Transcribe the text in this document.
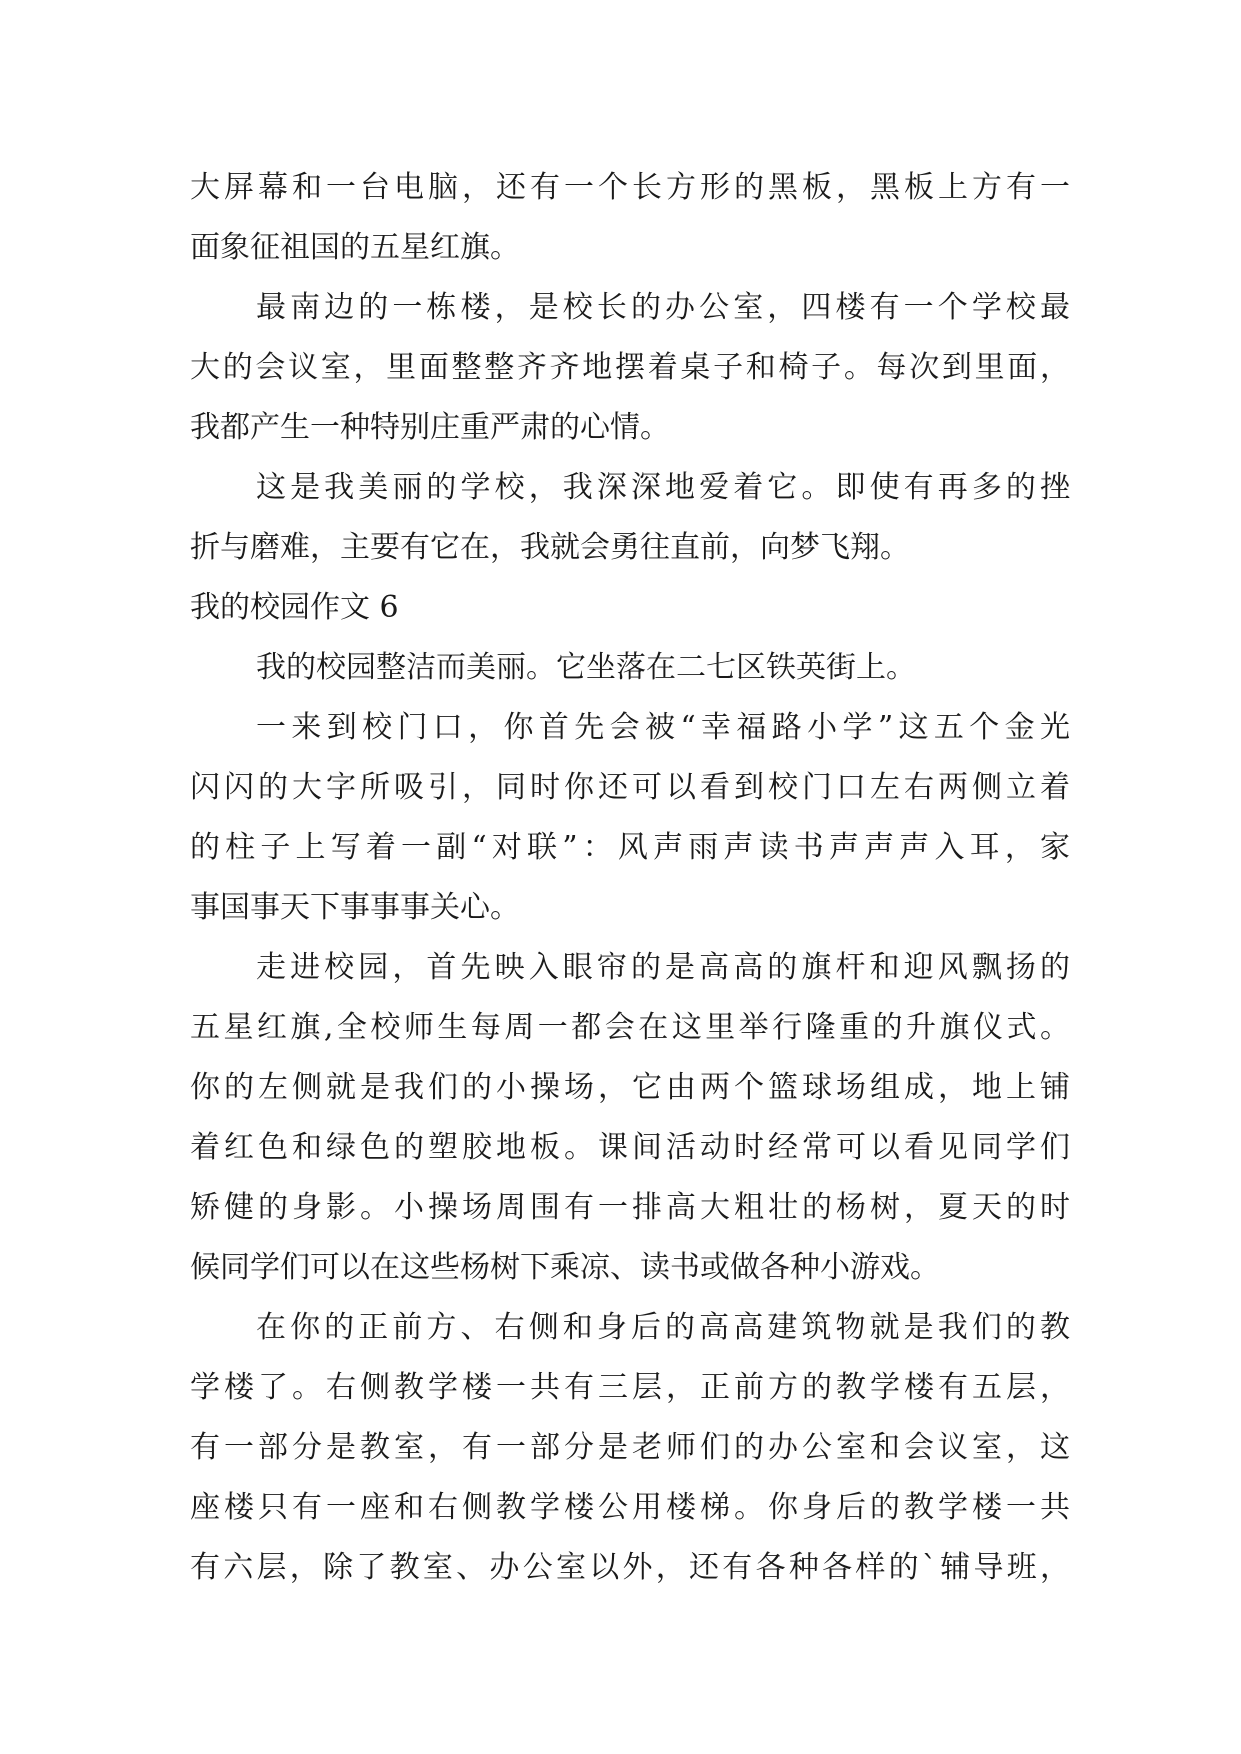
大屏幕和一台电脑，还有一个长方形的黑板，黑板上方有一
面象征祖国的五星红旗。
最南边的一栋楼，是校长的办公室，四楼有一个学校最
大的会议室，里面整整齐齐地摆着桌子和椅子。每次到里面，
我都产生一种特别庄重严肃的心情。
这是我美丽的学校，我深深地爱着它。即使有再多的挫
折与磨难，主要有它在，我就会勇往直前，向梦飞翔。
我的校园作文 6
我的校园整洁而美丽。它坐落在二七区铁英街上。
一来到校门口，你首先会被“幸福路小学”这五个金光
闪闪的大字所吸引，同时你还可以看到校门口左右两侧立着
的柱子上写着一副“对联”：风声雨声读书声声声入耳，家
事国事天下事事事关心。
走进校园，首先映入眼帘的是高高的旗杆和迎风飘扬的
五星红旗,全校师生每周一都会在这里举行隆重的升旗仪式。
你的左侧就是我们的小操场，它由两个篮球场组成，地上铺
着红色和绿色的塑胶地板。课间活动时经常可以看见同学们
矫健的身影。小操场周围有一排高大粗壮的杨树，夏天的时
候同学们可以在这些杨树下乘凉、读书或做各种小游戏。
在你的正前方、右侧和身后的高高建筑物就是我们的教
学楼了。右侧教学楼一共有三层，正前方的教学楼有五层，
有一部分是教室，有一部分是老师们的办公室和会议室，这
座楼只有一座和右侧教学楼公用楼梯。你身后的教学楼一共
有六层，除了教室、办公室以外，还有各种各样的`辅导班，
